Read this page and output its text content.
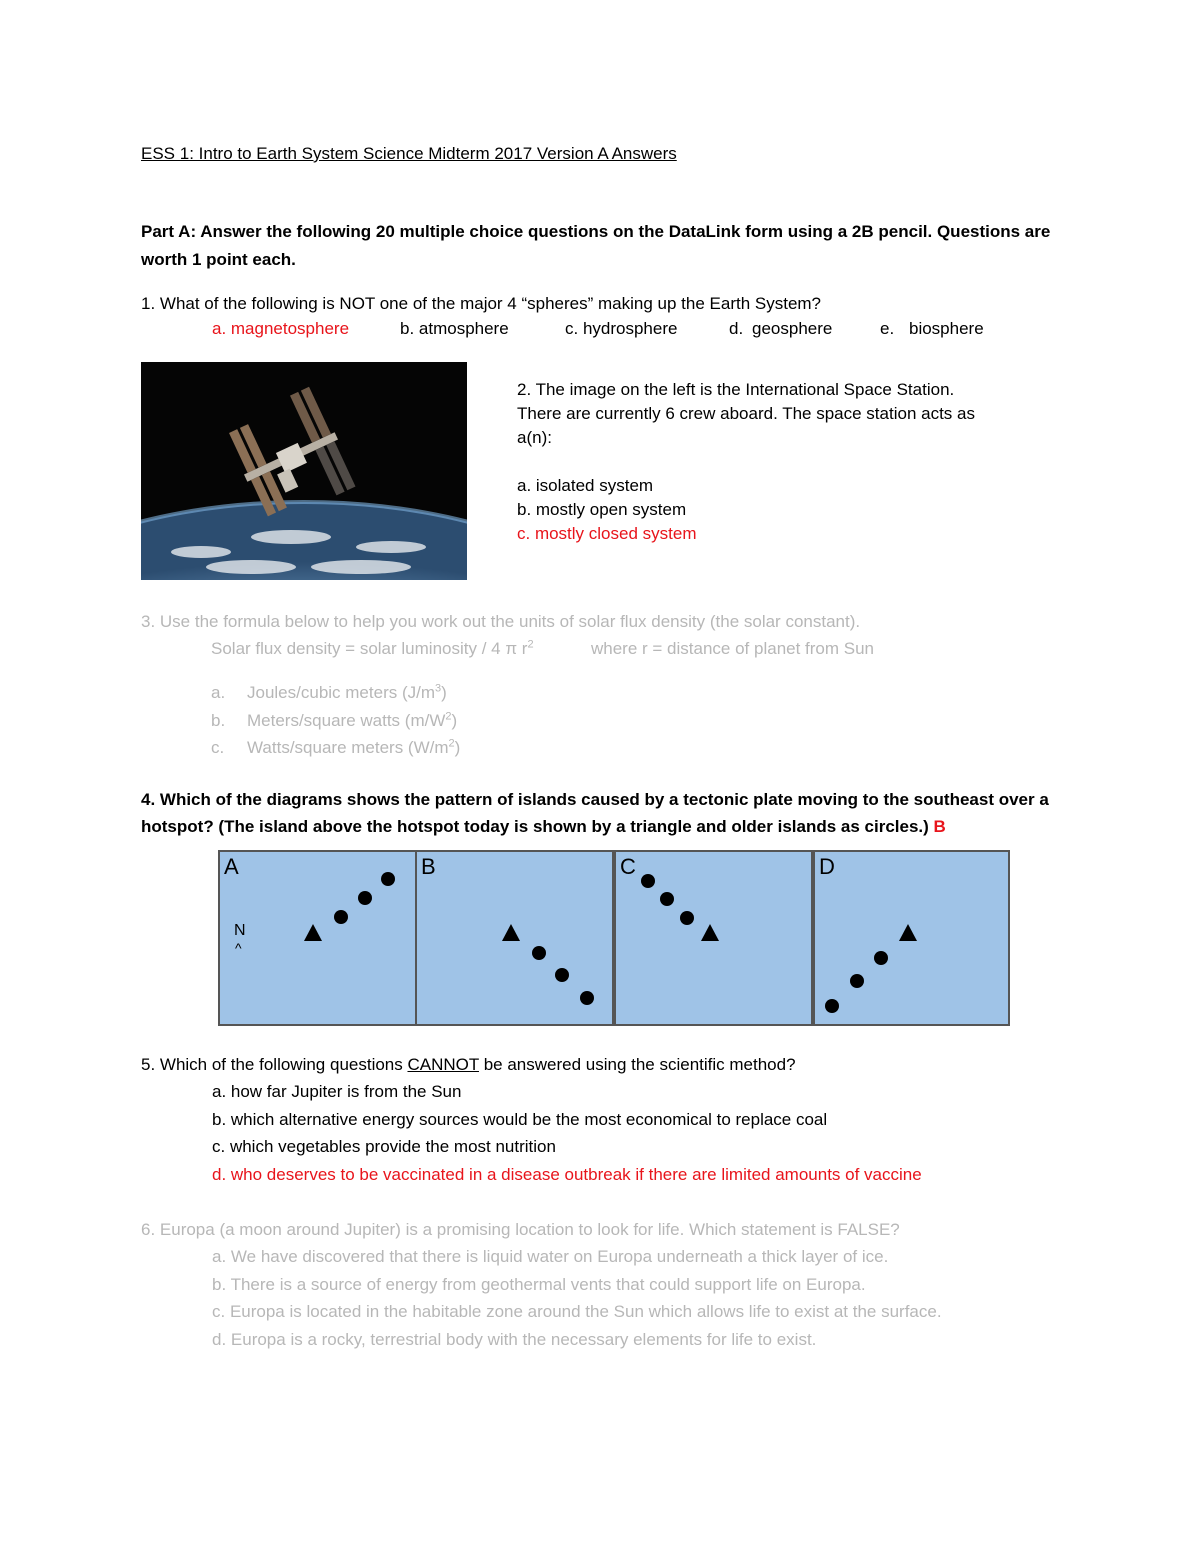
ESS 1: Intro to Earth System Science Midterm 2017 Version A Answers
Part A: Answer the following 20 multiple choice questions on the DataLink form using a 2B pencil. Questions are
worth 1 point each.
1. What of the following is NOT one of the major 4 “spheres” making up the Earth System?
a. magnetosphere	b. atmosphere	c. hydrosphere	d. geosphere	e. biosphere
2. The image on the left is the International Space Station.
There are currently 6 crew aboard. The space station acts as
a(n):
a. isolated system
b. mostly open system
c. mostly closed system
3. Use the formula below to help you work out the units of solar flux density (the solar constant).
Solar flux density = solar luminosity / 4 π $r^2$	where r = distance of planet from Sun
a. Joules/cubic meters $(J/m^3)$
b. Meters/square watts $(m/W^2)$
c. Watts/square meters $(W/m^2)$
4. Which of the diagrams shows the pattern of islands caused by a tectonic plate moving to the southeast over a
hotspot? (The island above the hotspot today is shown by a triangle and older islands as circles.) B
A
N
^
B	C	D
5. Which of the following questions CANNOT be answered using the scientific method?
a. how far Jupiter is from the Sun
b. which alternative energy sources would be the most economical to replace coal
c. which vegetables provide the most nutrition
d. who deserves to be vaccinated in a disease outbreak if there are limited amounts of vaccine
6. Europa (a moon around Jupiter) is a promising location to look for life. Which statement is FALSE?
a. We have discovered that there is liquid water on Europa underneath a thick layer of ice.
b. There is a source of energy from geothermal vents that could support life on Europa.
c. Europa is located in the habitable zone around the Sun which allows life to exist at the surface.
d. Europa is a rocky, terrestrial body with the necessary elements for life to exist.
